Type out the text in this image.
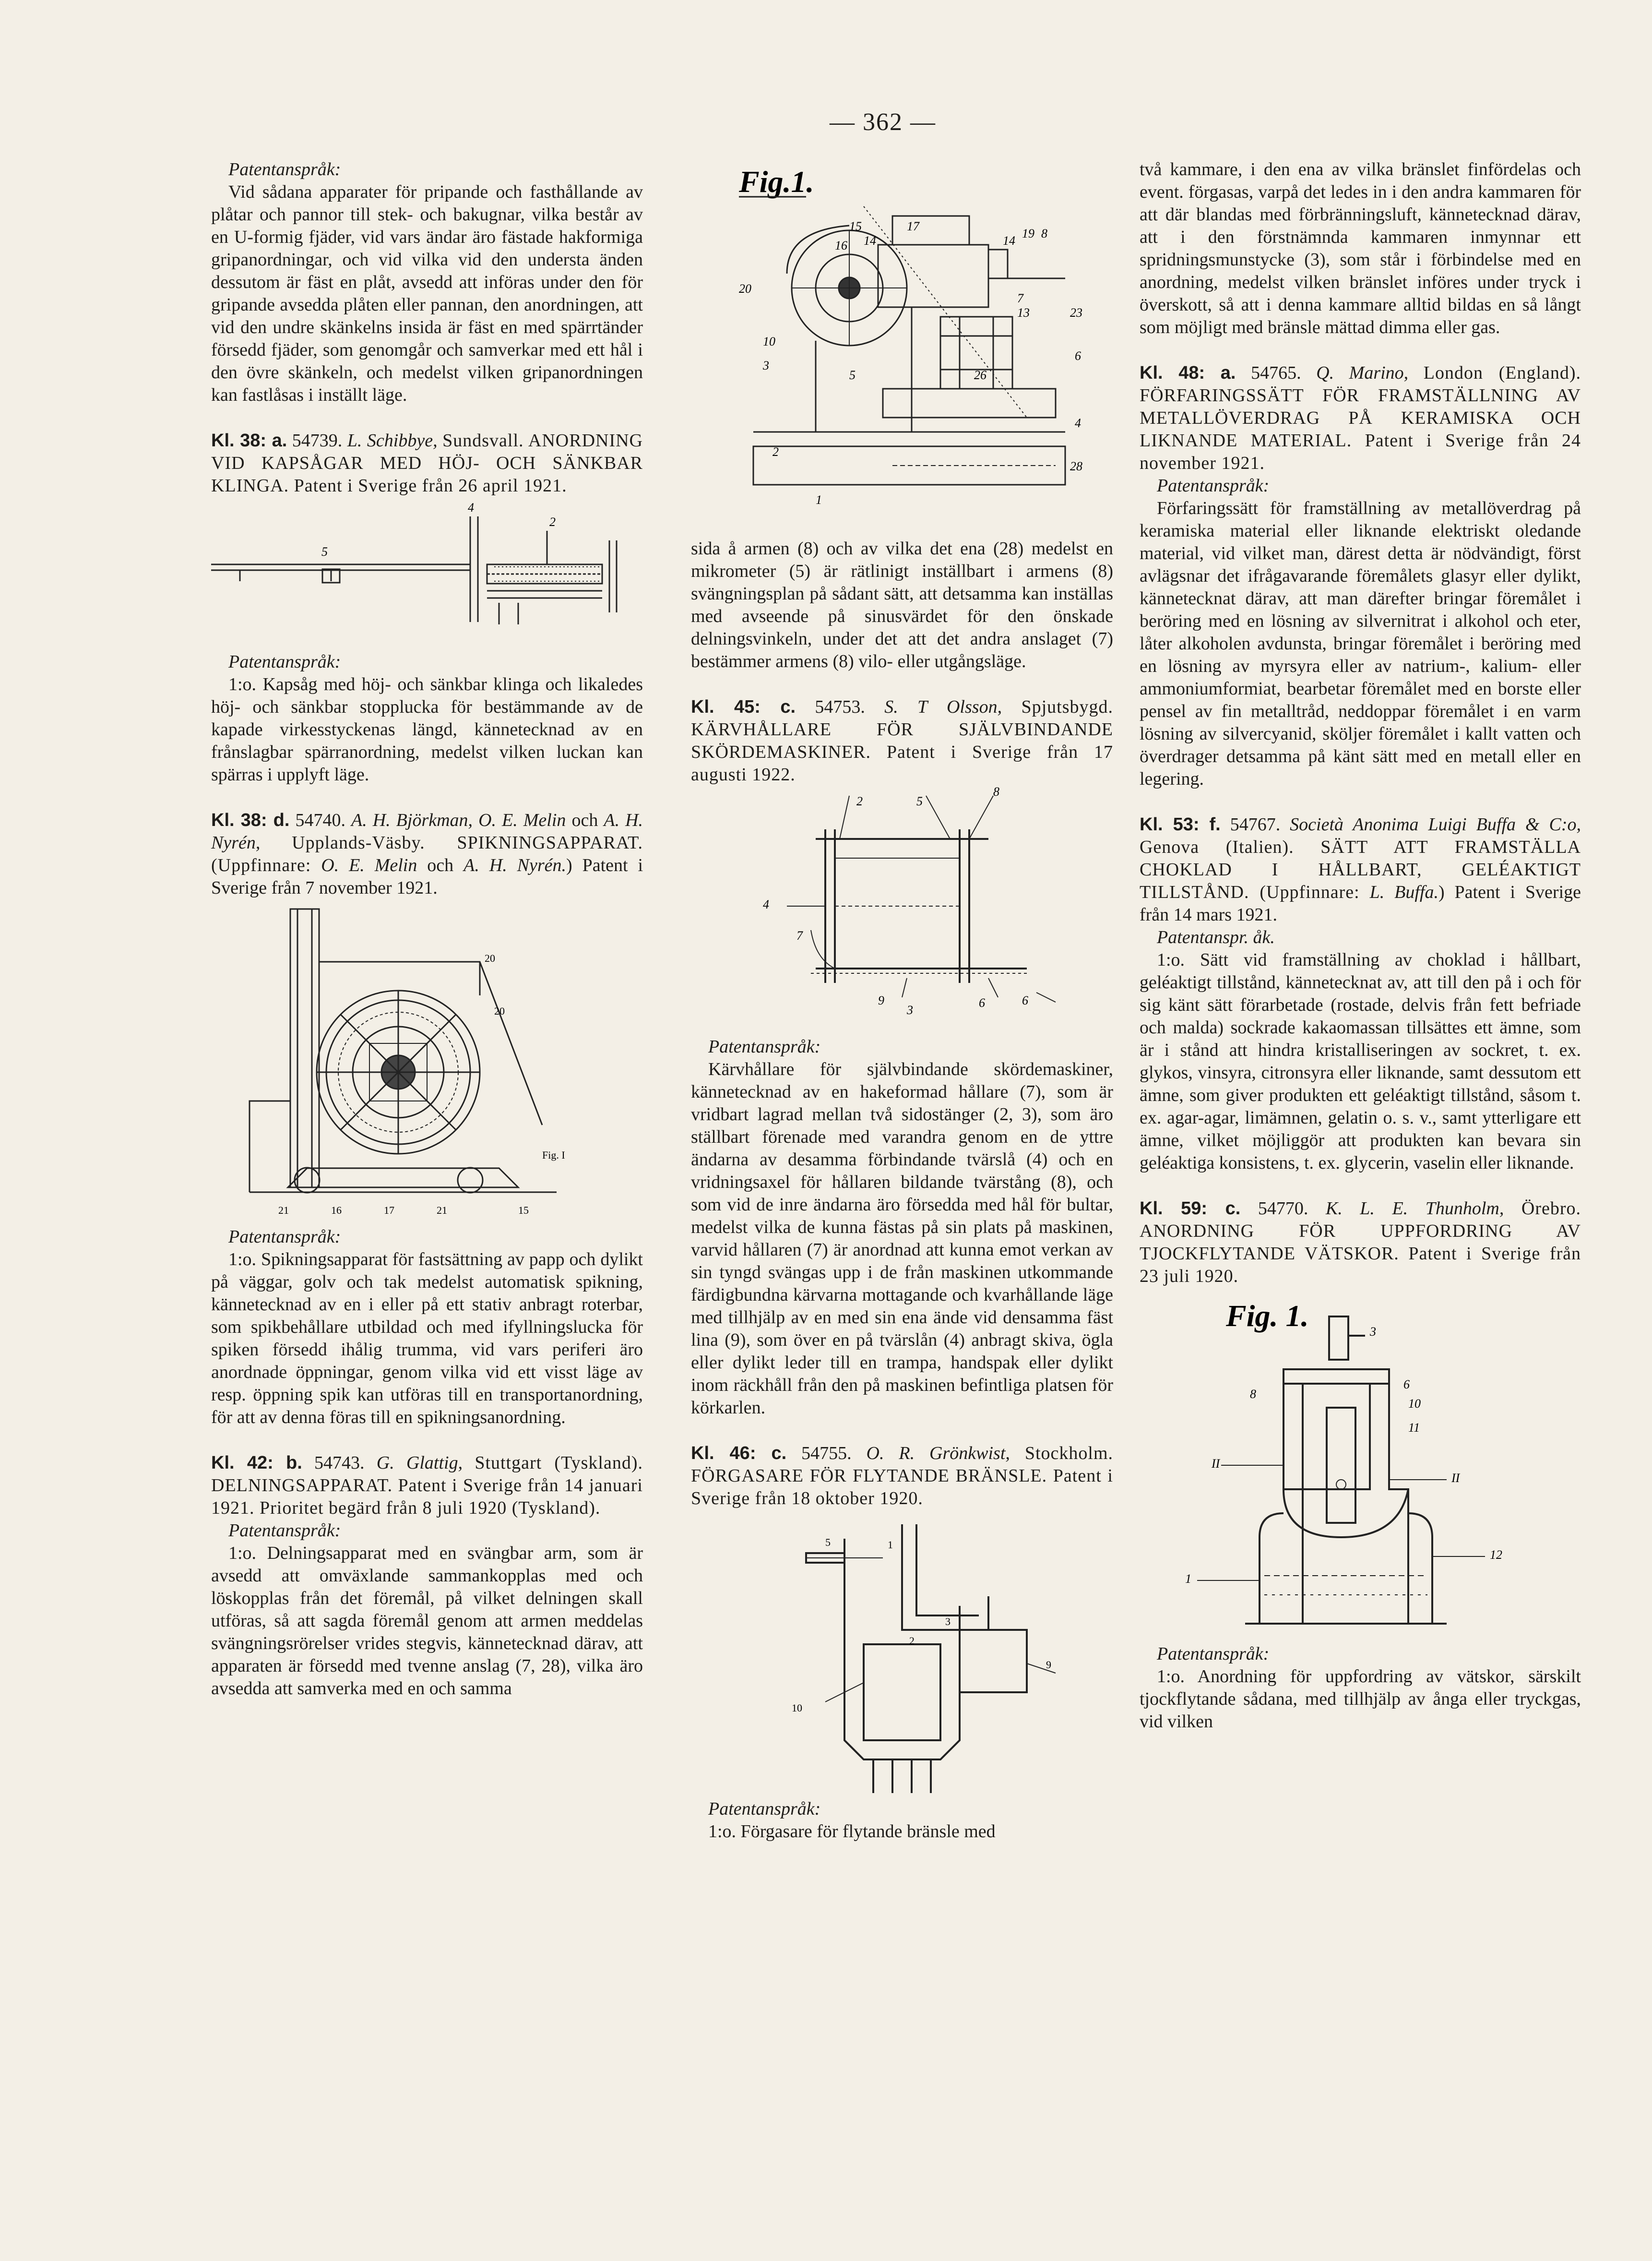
— 362 —

Patentanspråk:

Vid sådana apparater för pripande och fasthållande av plåtar och pannor till stek- och bakugnar, vilka består av en U-formig fjäder, vid vars ändar äro fästade hakformiga gripanordningar, och vid vilka vid den understa änden dessutom är fäst en plåt, avsedd att införas under den för gripande avsedda plåten eller pannan, den anordningen, att vid den undre skänkelns insida är fäst en med spärrtänder försedd fjäder, som genomgår och samverkar med ett hål i den övre skänkeln, och medelst vilken gripanordningen kan fastlåsas i inställt läge.

Kl. 38: a. 54739. L. Schibbye, Sundsvall. ANORDNING VID KAPSÅGAR MED HÖJ- OCH SÄNKBAR KLINGA. Patent i Sverige från 26 april 1921.

5
4
2

Patentanspråk:

1:o. Kapsåg med höj- och sänkbar klinga och likaledes höj- och sänkbar stopplucka för bestämmande av de kapade virkesstyckenas längd, kännetecknad av en frånslagbar spärranordning, medelst vilken luckan kan spärras i upplyft läge.

Kl. 38: d. 54740. A. H. Björkman, O. E. Melin och A. H. Nyrén, Upplands-Väsby. SPIKNINGSAPPARAT. (Uppfinnare: O. E. Melin och A. H. Nyrén.) Patent i Sverige från 7 november 1921.

20
20
Fig. I
21	16	17	21	15

Patentanspråk:

1:o. Spikningsapparat för fastsättning av papp och dylikt på väggar, golv och tak medelst automatisk spikning, kännetecknad av en i eller på ett stativ anbragt roterbar, som spikbehållare utbildad och med ifyllningslucka för spiken försedd ihålig trumma, vid vars periferi äro anordnade öppningar, genom vilka vid ett visst läge av resp. öppning spik kan utföras till en transportanordning, för att av denna föras till en spikningsanordning.

Kl. 42: b. 54743. G. Glattig, Stuttgart (Tyskland). DELNINGSAPPARAT. Patent i Sverige från 14 januari 1921. Prioritet begärd från 8 juli 1920 (Tyskland).

Patentanspråk:

1:o. Delningsapparat med en svängbar arm, som är avsedd att omväxlande sammankopplas med och löskopplas från det föremål, på vilket delningen skall utföras, så att sagda föremål genom att armen meddelas svängningsrörelser vrides stegvis, kännetecknad därav, att apparaten är försedd med tvenne anslag (7, 28), vilka äro avsedda att samverka med en och samma

Fig.1.
15	17
16 14	14
19 8
20
10
7
13	23
6
3
5	26
4
2
28
1

sida å armen (8) och av vilka det ena (28) medelst en mikrometer (5) är rätlinigt inställbart i armens (8) svängningsplan på sådant sätt, att detsamma kan inställas med avseende på sinusvärdet för den önskade delningsvinkeln, under det att det andra anslaget (7) bestämmer armens (8) vilo- eller utgångsläge.

Kl. 45: c. 54753. S. T Olsson, Spjutsbygd. KÄRVHÅLLARE FÖR SJÄLVBINDANDE SKÖRDEMASKINER. Patent i Sverige från 17 augusti 1922.

2	5
8
4
7
9
3
6	6

Patentanspråk:

Kärvhållare för självbindande skördemaskiner, kännetecknad av en hakeformad hållare (7), som är vridbart lagrad mellan två sidostänger (2, 3), som äro ställbart förenade med varandra genom en de yttre ändarna av desamma förbindande tvärslå (4) och en vridningsaxel för hållaren bildande tvärstång (8), och som vid de inre ändarna äro försedda med hål för bultar, medelst vilka de kunna fästas på sin plats på maskinen, varvid hållaren (7) är anordnad att kunna emot verkan av sin tyngd svängas upp i de från maskinen utkommande färdigbundna kärvarna mottagande och kvarhållande läge med tillhjälp av en med sin ena ände vid densamma fäst lina (9), som över en på tvärslån (4) anbragt skiva, ögla eller dylikt leder till en trampa, handspak eller dylikt inom räckhåll från den på maskinen befintliga platsen för körkarlen.

Kl. 46: c. 54755. O. R. Grönkwist, Stockholm. FÖRGASARE FÖR FLYTANDE BRÄNSLE. Patent i Sverige från 18 oktober 1920.

5	1
2
10
9
3

Patentanspråk:

1:o. Förgasare för flytande bränsle med

två kammare, i den ena av vilka bränslet finfördelas och event. förgasas, varpå det ledes in i den andra kammaren för att där blandas med förbränningsluft, kännetecknad därav, att i den förstnämnda kammaren inmynnar ett spridningsmunstycke (3), som står i förbindelse med en anordning, medelst vilken bränslet införes under tryck i överskott, så att i denna kammare alltid bildas en så långt som möjligt med bränsle mättad dimma eller gas.

Kl. 48: a. 54765. Q. Marino, London (England). FÖRFARINGSSÄTT FÖR FRAMSTÄLLNING AV METALLÖVERDRAG PÅ KERAMISKA OCH LIKNANDE MATERIAL. Patent i Sverige från 24 november 1921.

Patentanspråk:

Förfaringssätt för framställning av metallöverdrag på keramiska material eller liknande elektriskt oledande material, vid vilket man, därest detta är nödvändigt, först avlägsnar det ifrågavarande föremålets glasyr eller dylikt, kännetecknat därav, att man därefter bringar föremålet i beröring med en lösning av silvernitrat i alkohol och eter, låter alkoholen avdunsta, bringar föremålet i beröring med en lösning av myrsyra eller av natrium-, kalium- eller ammoniumformiat, bearbetar föremålet med en borste eller pensel av fin metalltråd, neddoppar föremålet i en varm lösning av silvercyanid, sköljer föremålet i kallt vatten och överdrager detsamma på känt sätt med en metall eller en legering.

Kl. 53: f. 54767. Società Anonima Luigi Buffa & C:o, Genova (Italien). SÄTT ATT FRAMSTÄLLA CHOKLAD I HÅLLBART, GELÉAKTIGT TILLSTÅND. (Uppfinnare: L. Buffa.) Patent i Sverige från 14 mars 1921.

Patentanspr. åk.

1:o. Sätt vid framställning av choklad i hållbart, geléaktigt tillstånd, kännetecknat av, att till den på i och för sig känt sätt förarbetade (rostade, delvis från fett befriade och malda) sockrade kakaomassan tillsättes ett ämne, som är i stånd att hindra kristalliseringen av sockret, t. ex. glykos, vinsyra, citronsyra eller liknande, samt dessutom ett ämne, som giver produkten ett geléaktigt tillstånd, såsom t. ex. agar-agar, limämnen, gelatin o. s. v., samt ytterligare ett ämne, vilket möjliggör att produkten kan bevara sin geléaktiga konsistens, t. ex. glycerin, vaselin eller liknande.

Kl. 59: c. 54770. K. L. E. Thunholm, Örebro. ANORDNING FÖR UPPFORDRING AV TJOCKFLYTANDE VÄTSKOR. Patent i Sverige från 23 juli 1920.

Fig. 1.	3
6
8
10
11
II
II
1
12

Patentanspråk:

1:o. Anordning för uppfordring av vätskor, särskilt tjockflytande sådana, med tillhjälp av ånga eller tryckgas, vid vilken
